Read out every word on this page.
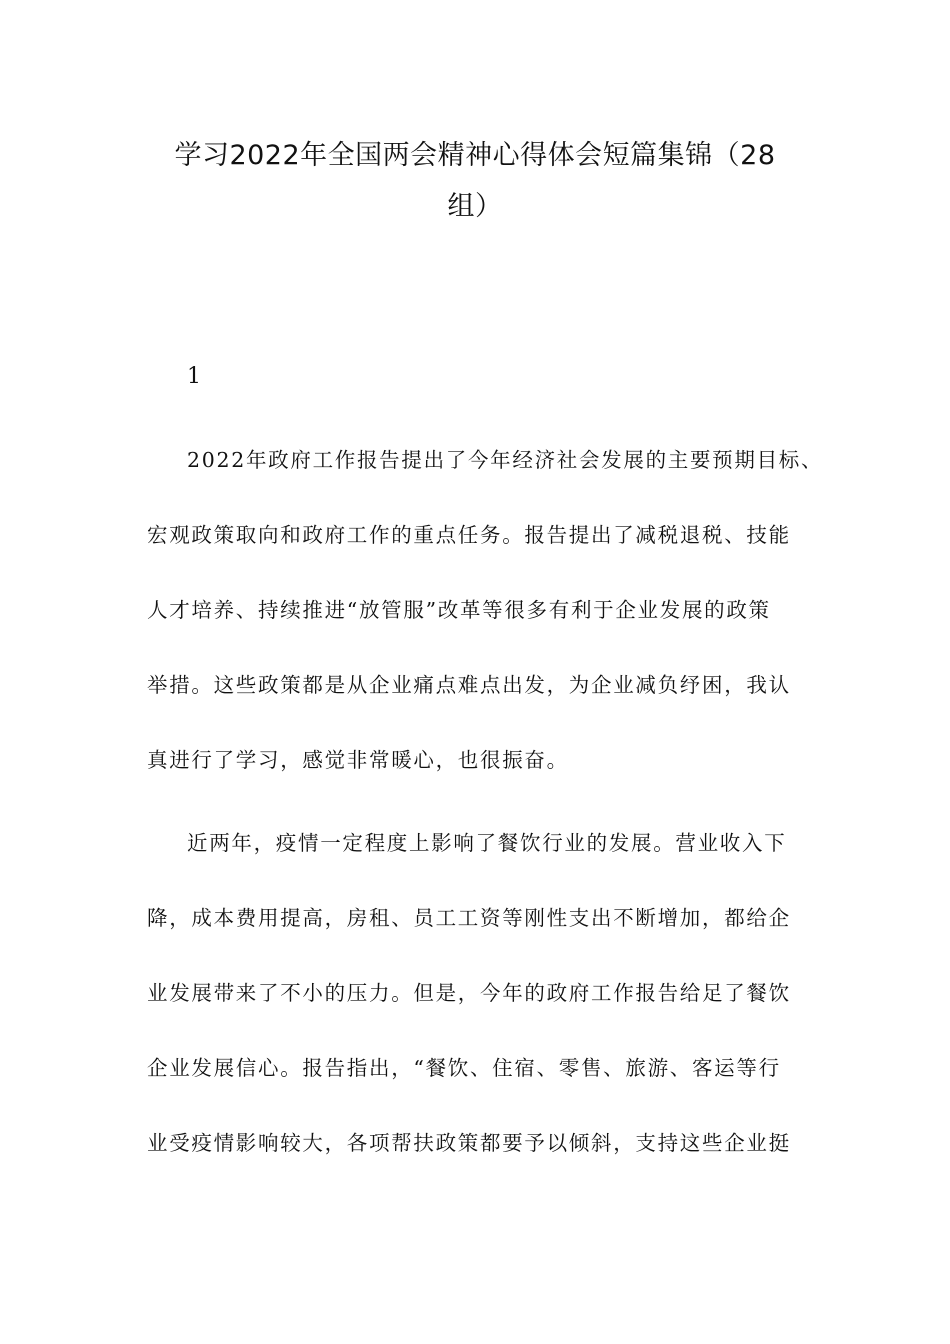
学习2022年全国两会精神心得体会短篇集锦（28
组）
1
2022年政府工作报告提出了今年经济社会发展的主要预期目标、
宏观政策取向和政府工作的重点任务。报告提出了减税退税、技能
人才培养、持续推进“放管服”改革等很多有利于企业发展的政策
举措。这些政策都是从企业痛点难点出发，为企业减负纾困，我认
真进行了学习，感觉非常暖心，也很振奋。
近两年，疫情一定程度上影响了餐饮行业的发展。营业收入下
降，成本费用提高，房租、员工工资等刚性支出不断增加，都给企
业发展带来了不小的压力。但是，今年的政府工作报告给足了餐饮
企业发展信心。报告指出，“餐饮、住宿、零售、旅游、客运等行
业受疫情影响较大，各项帮扶政策都要予以倾斜，支持这些企业挺
